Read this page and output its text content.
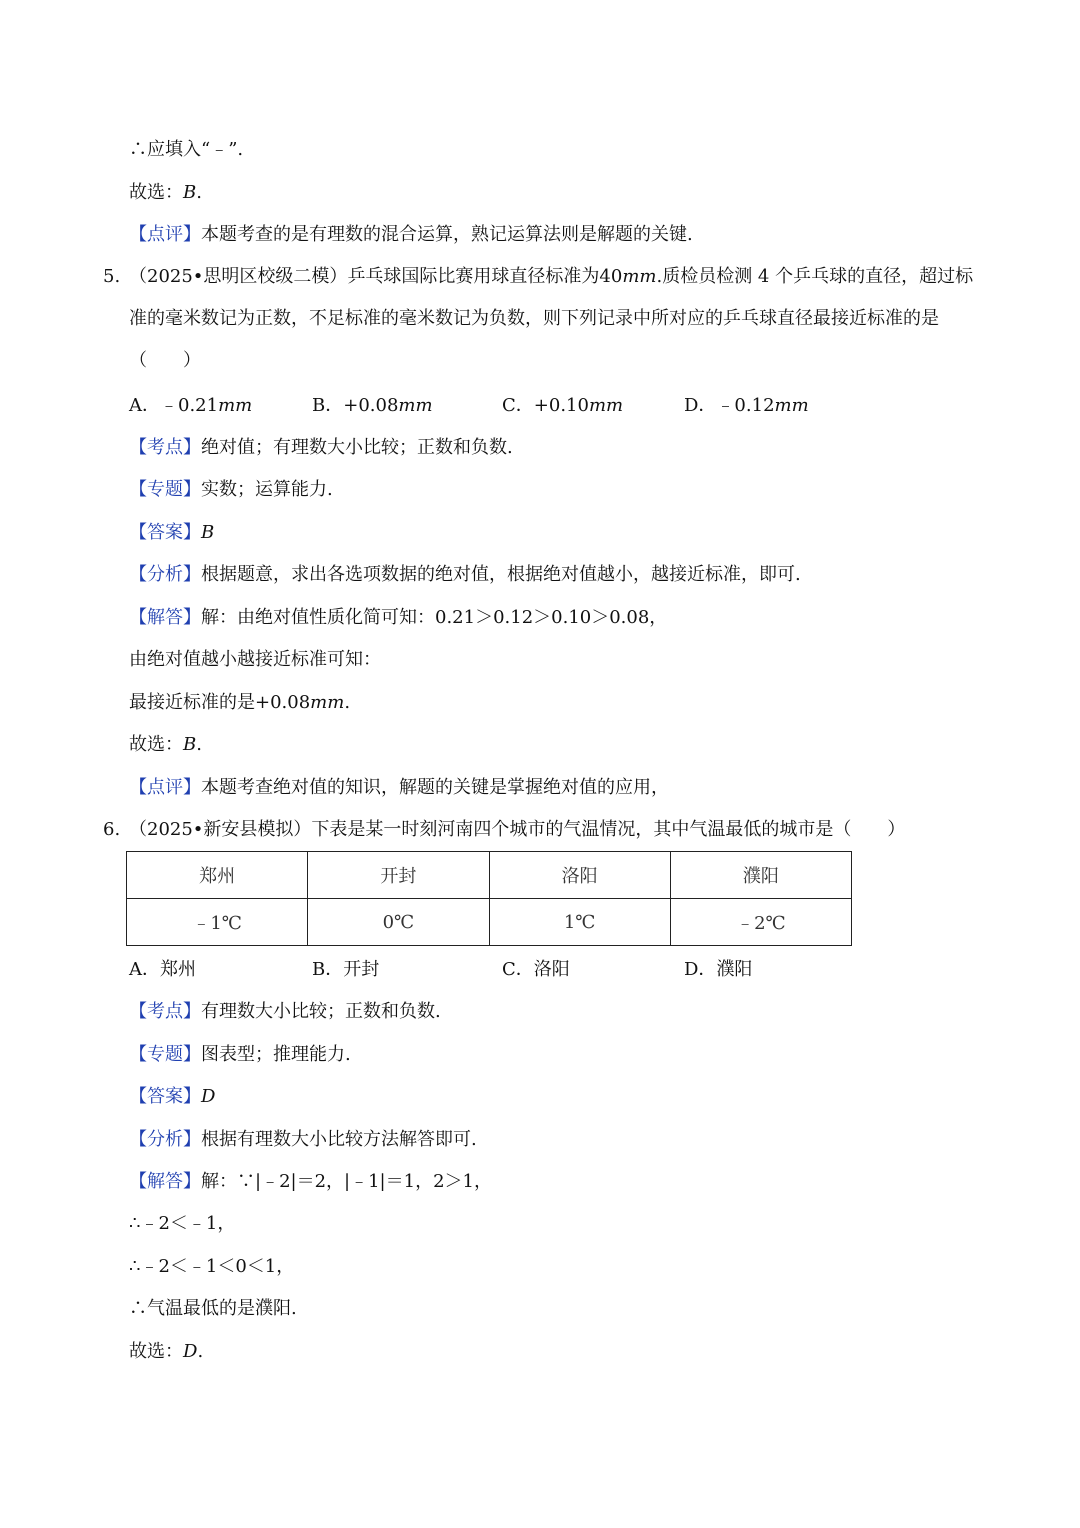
∴应填入“﹣”.
故选：B.
【点评】本题考查的是有理数的混合运算，熟记运算法则是解题的关键.
5. （2025•思明区校级二模）乒乓球国际比赛用球直径标准为40mm.质检员检测 4 个乒乓球的直径，超过标准的毫米数记为正数，不足标准的毫米数记为负数，则下列记录中所对应的乒乓球直径最接近标准的是（　　）
A．﹣0.21mm	B．+0.08mm	C．+0.10mm	D．﹣0.12mm
【考点】绝对值；有理数大小比较；正数和负数.
【专题】实数；运算能力.
【答案】B
【分析】根据题意，求出各选项数据的绝对值，根据绝对值越小，越接近标准，即可.
【解答】解：由绝对值性质化简可知：0.21＞0.12＞0.10＞0.08，
由绝对值越小越接近标准可知：
最接近标准的是+0.08mm.
故选：B.
【点评】本题考查绝对值的知识，解题的关键是掌握绝对值的应用，
6. （2025•新安县模拟）下表是某一时刻河南四个城市的气温情况，其中气温最低的城市是（　　）
郑州	开封	洛阳	濮阳
﹣1℃	0℃	1℃	﹣2℃
A．郑州	B．开封	C．洛阳	D．濮阳
【考点】有理数大小比较；正数和负数.
【专题】图表型；推理能力.
【答案】D
【分析】根据有理数大小比较方法解答即可.
【解答】解：∵|﹣2|＝2，|﹣1|＝1，2＞1，
∴﹣2＜﹣1，
∴﹣2＜﹣1＜0＜1，
∴气温最低的是濮阳.
故选：D.
